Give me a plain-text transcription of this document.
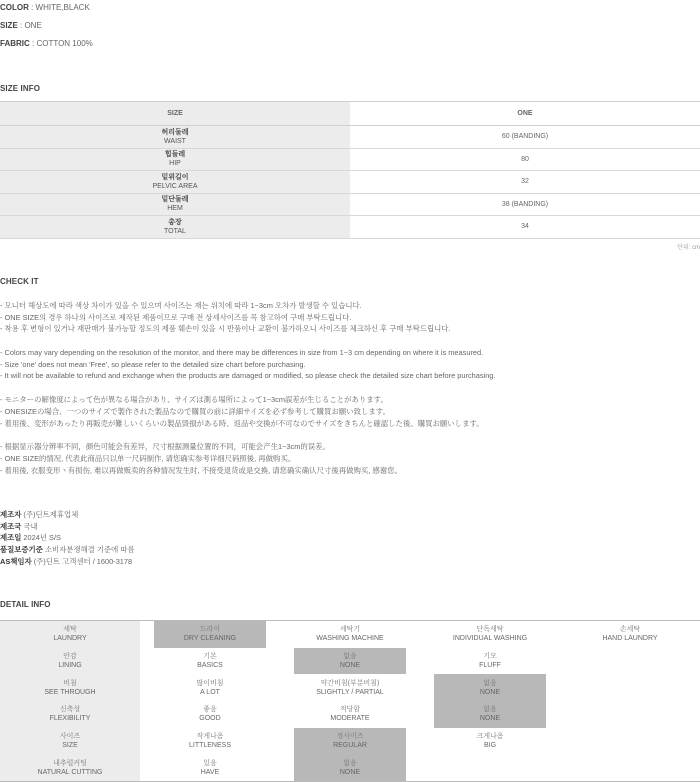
COLOR : WHITE,BLACK
SIZE : ONE
FABRIC : COTTON 100%
SIZE INFO
SIZE	ONE
허리둘레
WAIST
60 (BANDING)
힙둘레
HIP
80
밑위길이
PELVIC AREA
32
밑단둘레
HEM
38 (BANDING)
총장
TOTAL
34
단위: cm
CHECK IT

- 모니터 해상도에 따라 색상 차이가 있을 수 있으며 사이즈는 재는 위치에 따라 1~3cm 오차가 발생할 수 있습니다.

- ONE SIZE의 경우 하나의 사이즈로 제작된 제품이므로 구매 전 상세사이즈를 꼭 참고하여 구매 부탁드립니다.

- 착용 후 변형이 있거나 재판매가 불가능할 정도의 제품 훼손이 있을 시 반품이나 교환이 불가하오니 사이즈를 체크하신 후 구매 부탁드립니다.

- Colors may vary depending on the resolution of the monitor, and there may be differences in size from 1~3 cm depending on where it is measured.

- Size 'one' does not mean 'Free', so please refer to the detailed size chart before purchasing.

- It will not be available to refund and exchange when the products are damaged or modified, so please check the detailed size chart before purchasing.

- モニターの解像度によって色が異なる場合があり、サイズは測る場所によって1~3cm誤差が生じることがあります。

- ONESIZEの場合、一つのサイズで製作された製品なので購買の前に詳細サイズを必ず参考して購買お願い致します。

- 着用後、変形があったり再販売が難しいくらいの製品毀損がある時、返品や交換が不可なのでサイズをきちんと確認した後、購買お願いします。

- 根据显示器分辨率不同，颜色可能会有差异，尺寸根据测量位置的不同，可能会产生1~3cm的误差。

- ONE SIZE的情况, 代表此商品只以单一尺码制作, 请您确实参考详细尺码照後, 再做购买。

- 着用後, 衣服变形丶有损伤, 难以再做贩卖的各种情况发生时, 不接受退货或是交換, 请您确实确认尺寸後再做购买, 感谢您。

제조자 (주)딘트제휴업체

제조국 국내

제조일 2024년 S/S

품질보증기준 소비자분쟁해결 기준에 따름

AS책임자 (주)딘트 고객센터 / 1600-3178

DETAIL INFO
세탁
LAUNDRY
드라이
DRY CLEANING
세탁기
WASHING MACHINE
단독세탁
INDIVIDUAL WASHING
손세탁
HAND LAUNDRY
안감
LINING
기본
BASICS
없음
NONE
기모
FLUFF
비침
SEE THROUGH
많이비침
A LOT
약간비침(부분비침)
SLIGHTLY / PARTIAL
없음
NONE
신축성
FLEXIBILITY
좋음
GOOD
적당함
MODERATE
없음
NONE
사이즈
SIZE
작게나옴
LITTLENESS
정사이즈
REGULAR
크게나옴
BIG
내추럴커팅
NATURAL CUTTING
있음
HAVE
없음
NONE
